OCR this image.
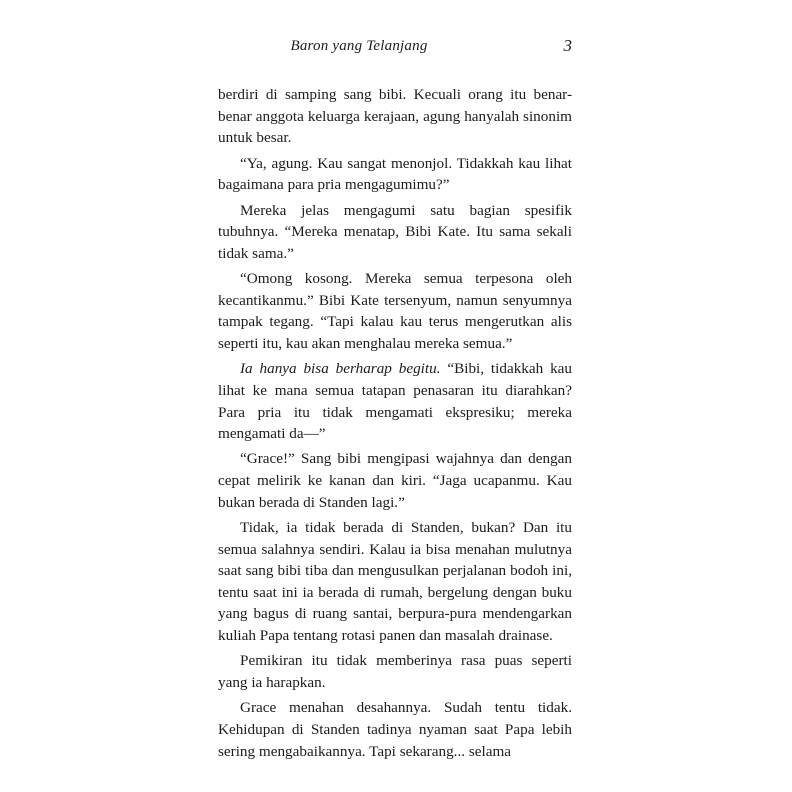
Baron yang Telanjang	3

berdiri di samping sang bibi. Kecuali orang itu benar-benar anggota keluarga kerajaan, agung hanyalah sinonim untuk besar.

“Ya, agung. Kau sangat menonjol. Tidakkah kau lihat bagaimana para pria mengagumimu?”

Mereka jelas mengagumi satu bagian spesifik tubuhnya. “Mereka menatap, Bibi Kate. Itu sama sekali tidak sama.”

“Omong kosong. Mereka semua terpesona oleh kecantikanmu.” Bibi Kate tersenyum, namun senyumnya tampak tegang. “Tapi kalau kau terus mengerutkan alis seperti itu, kau akan menghalau mereka semua.”

Ia hanya bisa berharap begitu. “Bibi, tidakkah kau lihat ke mana semua tatapan penasaran itu diarahkan? Para pria itu tidak mengamati ekspresiku; mereka mengamati da—”

“Grace!” Sang bibi mengipasi wajahnya dan dengan cepat melirik ke kanan dan kiri. “Jaga ucapanmu. Kau bukan berada di Standen lagi.”

Tidak, ia tidak berada di Standen, bukan? Dan itu semua salahnya sendiri. Kalau ia bisa menahan mulutnya saat sang bibi tiba dan mengusulkan perjalanan bodoh ini, tentu saat ini ia berada di rumah, bergelung dengan buku yang bagus di ruang santai, berpura-pura mendengarkan kuliah Papa tentang rotasi panen dan masalah drainase.

Pemikiran itu tidak memberinya rasa puas seperti yang ia harapkan.

Grace menahan desahannya. Sudah tentu tidak. Kehidupan di Standen tadinya nyaman saat Papa lebih sering mengabaikannya. Tapi sekarang... selama
